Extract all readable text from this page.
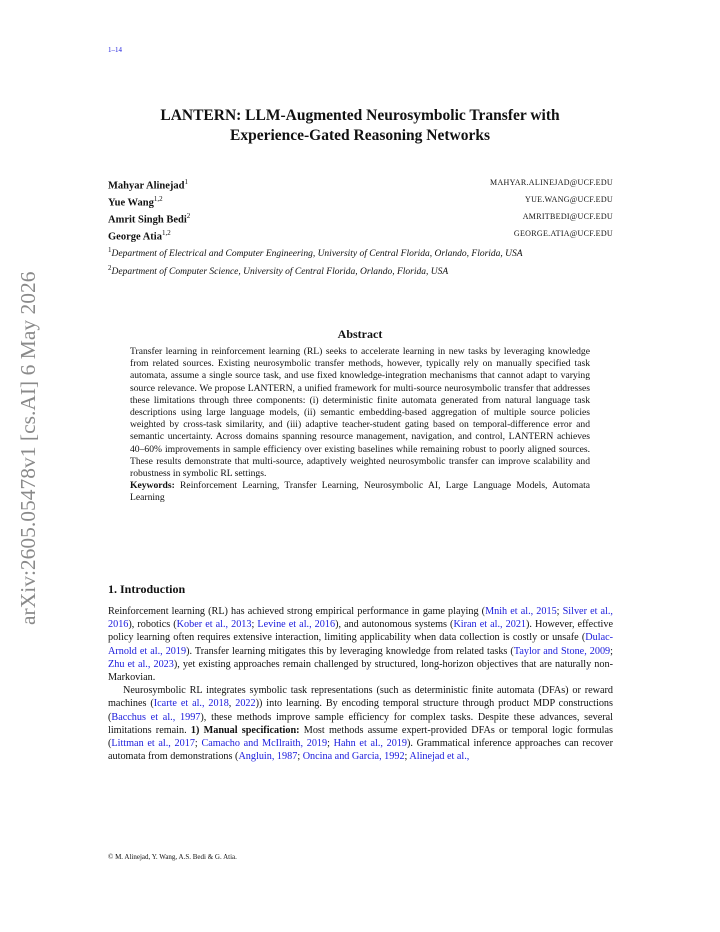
1–14
arXiv:2605.05478v1 [cs.AI] 6 May 2026
LANTERN: LLM-Augmented Neurosymbolic Transfer with
Experience-Gated Reasoning Networks
Mahyar Alinejad$^1$	MAHYAR.ALINEJAD@UCF.EDU
Yue Wang$^{1,2}$	YUE.WANG@UCF.EDU
Amrit Singh Bedi$^2$	AMRITBEDI@UCF.EDU
George Atia$^{1,2}$	GEORGE.ATIA@UCF.EDU
$^1$Department of Electrical and Computer Engineering, University of Central Florida, Orlando, Florida, USA
$^2$Department of Computer Science, University of Central Florida, Orlando, Florida, USA
Abstract
Transfer learning in reinforcement learning (RL) seeks to accelerate learning in new tasks by leveraging knowledge from related sources. Existing neurosymbolic transfer methods, however, typically rely on manually specified task automata, assume a single source task, and use fixed knowledge-integration mechanisms that cannot adapt to varying source relevance. We propose LANTERN, a unified framework for multi-source neurosymbolic transfer that addresses these limitations through three components: (i) deterministic finite automata generated from natural language task descriptions using large language models, (ii) semantic embedding-based aggregation of multiple source policies weighted by cross-task similarity, and (iii) adaptive teacher-student gating based on temporal-difference error and semantic uncertainty. Across domains spanning resource management, navigation, and control, LANTERN achieves 40–60% improvements in sample efficiency over existing baselines while remaining robust to poorly aligned sources. These results demonstrate that multi-source, adaptively weighted neurosymbolic transfer can improve scalability and robustness in symbolic RL settings.
Keywords: Reinforcement Learning, Transfer Learning, Neurosymbolic AI, Large Language Models, Automata Learning
1. Introduction

Reinforcement learning (RL) has achieved strong empirical performance in game playing (Mnih et al., 2015; Silver et al., 2016), robotics (Kober et al., 2013; Levine et al., 2016), and autonomous systems (Kiran et al., 2021). However, effective policy learning often requires extensive interaction, limiting applicability when data collection is costly or unsafe (Dulac-Arnold et al., 2019). Transfer learning mitigates this by leveraging knowledge from related tasks (Taylor and Stone, 2009; Zhu et al., 2023), yet existing approaches remain challenged by structured, long-horizon objectives that are naturally non-Markovian.

Neurosymbolic RL integrates symbolic task representations (such as deterministic finite automata (DFAs) or reward machines (Icarte et al., 2018, 2022)) into learning. By encoding temporal structure through product MDP constructions (Bacchus et al., 1997), these methods improve sample efficiency for complex tasks. Despite these advances, several limitations remain. 1) Manual specification: Most methods assume expert-provided DFAs or temporal logic formulas (Littman et al., 2017; Camacho and McIlraith, 2019; Hahn et al., 2019). Grammatical inference approaches can recover automata from demonstrations (Angluin, 1987; Oncina and Garcia, 1992; Alinejad et al.,

© M. Alinejad, Y. Wang, A.S. Bedi & G. Atia.
